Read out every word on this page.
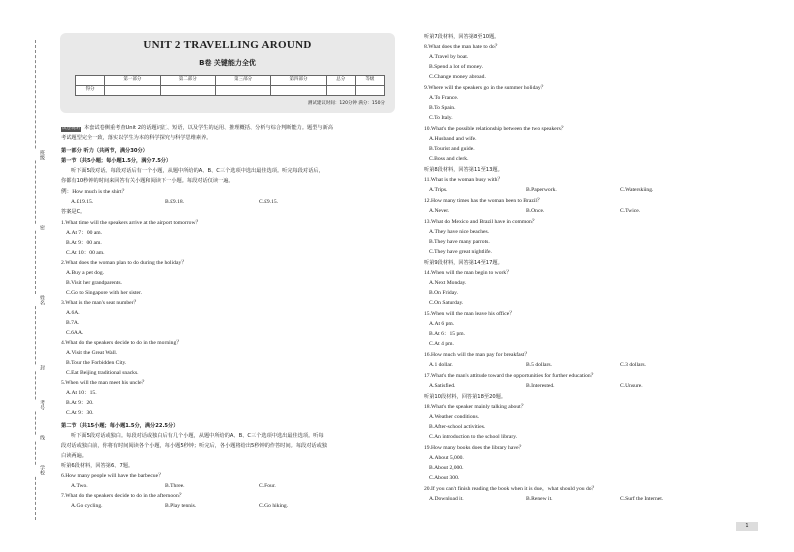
班级
密
姓名
封
考号
线
学校
UNIT 2 TRAVELLING AROUND
B卷 关键能力全优
	第一部分	第二部分	第三部分	第四部分	总分	等级
得分						
测试建议时间：120分钟 满分：150分
试卷说明 本套试卷侧重考查Unit 2的话题词汇、短语，以及学生的运用、推理概括、分析与综合判断能力。题型与新高
考试题型完全一致，落实以学生为本的科学探究与科学思维素养。
第一部分 听力（共两节，满分30分）
第一节（共5小题；每小题1.5分，满分7.5分）
听下面5段对话。每段对话后有一个小题，从题中所给的A、B、C三个选项中选出最佳选项。听完每段对话后，
你都有10秒钟的时间来回答有关小题和阅读下一小题。每段对话仅读一遍。
例：How much is the shirt？
A.£19.15.	B.£9.18.	C.£9.15.
答案是C。
1.What time will the speakers arrive at the airport tomorrow？
A.At 7：00 am.
B.At 9：00 am.
C.At 10：00 am.
2.What does the woman plan to do during the holiday？
A.Buy a pet dog.
B.Visit her grandparents.
C.Go to Singapore with her sister.
3.What is the man's seat number？
A.6A.
B.7A.
C.6AA.
4.What do the speakers decide to do in the morning？
A.Visit the Great Wall.
B.Tour the Forbidden City.
C.Eat Beijing traditional snacks.
5.When will the man meet his uncle？
A.At 10：15.
B.At 9：20.
C.At 9：30.
第二节（共15小题；每小题1.5分，满分22.5分）
听下面5段对话或独白。每段对话或独白后有几个小题，从题中所给的A、B、C三个选项中选出最佳选项。听每
段对话或独白前，你将有时间阅读各个小题，每小题5秒钟；听完后，各小题将给出5秒钟的作答时间。每段对话或独
白读两遍。
听第6段材料，回答第6、7题。
6.How many people will have the barbecue？
A.Two.	B.Three.	C.Four.
7.What do the speakers decide to do in the afternoon？
A.Go cycling.	B.Play tennis.	C.Go hiking.
听第7段材料，回答第8至10题。
8.What does the man hate to do？
A.Travel by boat.
B.Spend a lot of money.
C.Change money abroad.
9.Where will the speakers go in the summer holiday？
A.To France.
B.To Spain.
C.To Italy.
10.What's the possible relationship between the two speakers？
A.Husband and wife.
B.Tourist and guide.
C.Boss and clerk.
听第8段材料，回答第11至13题。
11.What is the woman busy with？
A.Trips.	B.Paperwork.	C.Waterskiing.
12.How many times has the woman been to Brazil？
A.Never.	B.Once.	C.Twice.
13.What do Mexico and Brazil have in common？
A.They have nice beaches.
B.They have many parrots.
C.They have great nightlife.
听第9段材料，回答第14至17题。
14.When will the man begin to work？
A.Next Monday.
B.On Friday.
C.On Saturday.
15.When will the man leave his office？
A.At 6 pm.
B.At 6：15 pm.
C.At 4 pm.
16.How much will the man pay for breakfast？
A.1 dollar.	B.5 dollars.	C.3 dollars.
17.What's the man's attitude toward the opportunities for further education？
A.Satisfied.	B.Interested.	C.Unsure.
听第10段材料，回答第18至20题。
18.What's the speaker mainly talking about？
A.Weather conditions.
B.After-school activities.
C.An introduction to the school library.
19.How many books does the library have？
A.About 5,000.
B.About 2,000.
C.About 300.
20.If you can't finish reading the book when it is due，what should you do？
A.Download it.	B.Renew it.	C.Surf the Internet.
1
